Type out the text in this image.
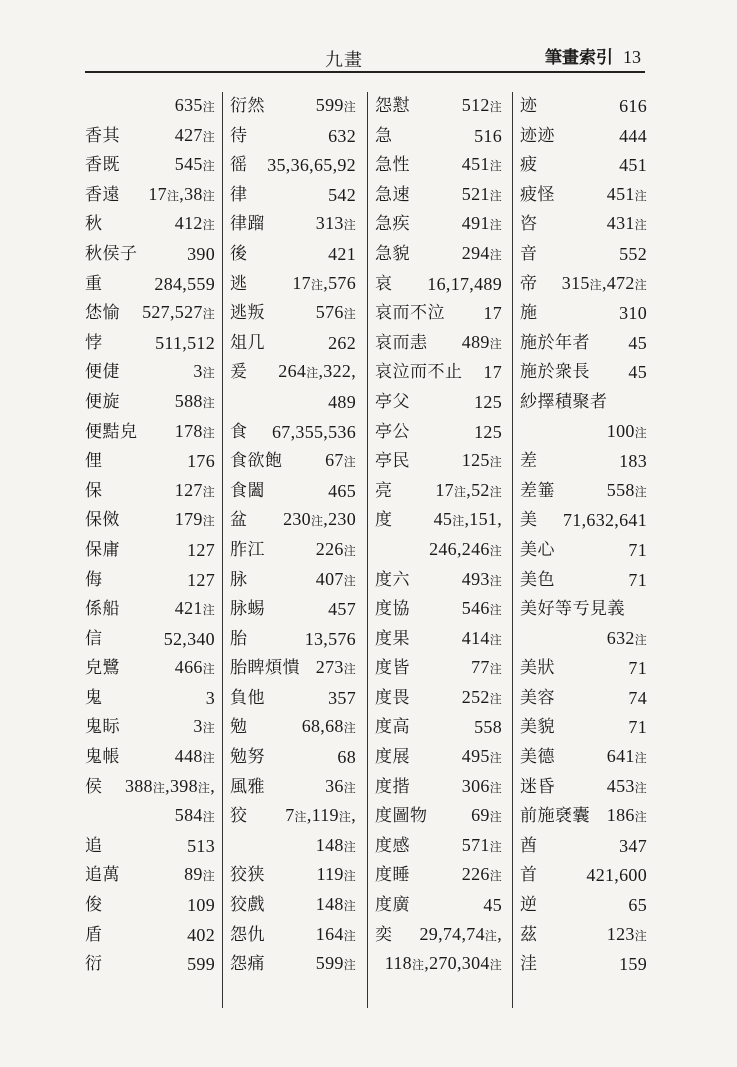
九畫	筆畫索引 13
635注
香其	427注
香既	545注
香遠 17注,38注
秋	412注
秋侯子	390
重	284,559
恷愉 527,527注
悖	511,512
便倢	3注
便旋	588注
便黠皃 178注
俚	176
保	127注
保傚	179注
保庸	127
侮	127
係船	421注
信	52,340
皃鷺	466注
鬼	3
鬼眎	3注
鬼帳	448注
侯 388注,398注,
584注
追	513
追萬	89注
俊	109
盾	402
衍	599
衍然	599注
待	632
徭 35,36,65,92
律	542
律蹓	313注
後	421
逃 17注,576
逃叛	576注
俎几	262
爰 264注,322,
489
食 67,355,536
食欲飽 67注
食闔	465
盆 230注,230
胙江	226注
脉	407注
脉蜴	457
胎	13,576
胎睥煩憒 273注
負他	357
勉	68,68注
勉努	68
風雅	36注
狡 7注,119注,
148注
狡狭	119注
狡戲	148注
怨仇	164注
怨痛	599注
怨懟	512注
急	516
急性	451注
急速	521注
急疾	491注
急貌	294注
哀 16,17,489
哀而不泣 17
哀而恚 489注
哀泣而不止 17
亭父	125
亭公	125
亭民	125注
亮 17注,52注
度 45注,151,
246,246注
度六	493注
度協	546注
度果	414注
度皆	77注
度畏	252注
度高	558
度展	495注
度揩	306注
度圖物 69注
度感	571注
度睡	226注
度廣	45
奕 29,74,74注,
118注,270,304注
迹	616
迹迹	444
疲	451
疲怪	451注
咨	431注
音	552
帝 315注,472注
施	310
施於年者 45
施於衆長 45
紗擇積聚者
100注
差	183
差箠	558注
美 71,632,641
美心	71
美色	71
美好等亐見義
632注
美狀	71
美容	74
美貌	71
美德	641注
迷昏	453注
前施褎囊 186注
酋	347
首	421,600
逆	65
茲	123注
洼	159
